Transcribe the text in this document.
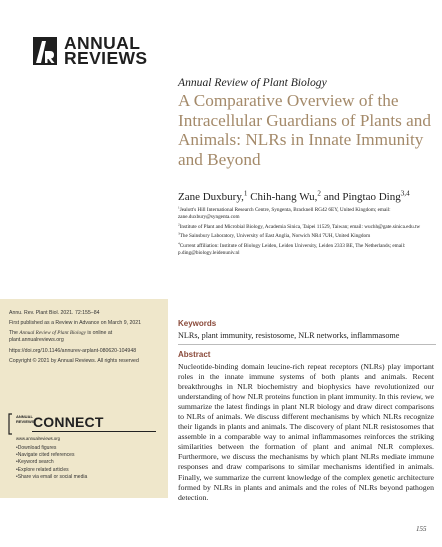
ANNUAL
REVIEWS
Annual Review of Plant Biology
A Comparative Overview of the Intracellular Guardians of Plants and Animals: NLRs in Innate Immunity and Beyond
Zane Duxbury,$^1$ Chih-hang Wu,$^2$ and Pingtao Ding$^{3,4}$

$^1$Jealott's Hill International Research Centre, Syngenta, Bracknell RG42 6EY, United Kingdom; email: zane.duxbury@syngenta.com

$^2$Institute of Plant and Microbial Biology, Academia Sinica, Taipei 11529, Taiwan; email: wuchh@gate.sinica.edu.tw

$^3$The Sainsbury Laboratory, University of East Anglia, Norwich NR4 7UH, United Kingdom

$^4$Current affiliation: Institute of Biology Leiden, Leiden University, Leiden 2333 BE, The Netherlands; email: p.ding@biology.leidenuniv.nl

Annu. Rev. Plant Biol. 2021. 72:155–84

First published as a Review in Advance on March 9, 2021

The Annual Review of Plant Biology is online at plant.annualreviews.org

https://doi.org/10.1146/annurev-arplant-080620-104948

Copyright © 2021 by Annual Reviews. All rights reserved

ANNUAL
REVIEWS
CONNECT
www.annualreviews.org
• Download figures
• Navigate cited references
• Keyword search
• Explore related articles
• Share via email or social media
Keywords
NLRs, plant immunity, resistosome, NLR networks, inflammasome
Abstract
Nucleotide-binding domain leucine-rich repeat receptors (NLRs) play important roles in the innate immune systems of both plants and animals. Recent breakthroughs in NLR biochemistry and biophysics have revolutionized our understanding of how NLR proteins function in plant immunity. In this review, we summarize the latest findings in plant NLR biology and draw direct comparisons to NLRs of animals. We discuss different mechanisms by which NLRs recognize their ligands in plants and animals. The discovery of plant NLR resistosomes that assemble in a comparable way to animal inflammasomes reinforces the striking similarities between the formation of plant and animal NLR complexes. Furthermore, we discuss the mechanisms by which plant NLRs mediate immune responses and draw comparisons to similar mechanisms identified in animals. Finally, we summarize the current knowledge of the complex genetic architecture formed by NLRs in plants and animals and the roles of NLRs beyond pathogen detection.
155
